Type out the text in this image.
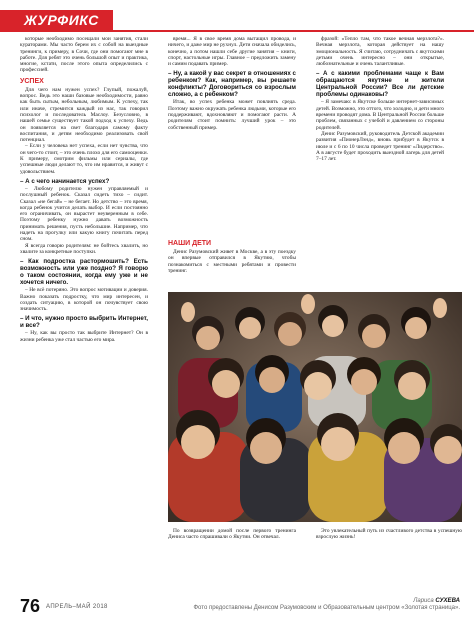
ЖУРФИКС

которые необходимо посещали мои занятия, стали кураторами. Мы часто берем их с собой на выездные тренинги, к примеру, в Сочи, где они помогают мне в работе. Для ребят это очень большой опыт и практика, многие, кстати, после этого опыта определились с профессией.

УСПЕХ

Для чего нам нужен успех? Глупый, пожалуй, вопрос. Ведь это наши базовые необходимости, равно как быть сытым, небольным, любимым. К успеху, так или иначе, стремится каждый из нас, так говорил психолог и последователь Маслоу. Безусловно, в нашей семье существует такой подход к успеху. Ведь он появляется на свет благодаря самому факту воспитания, и детям необходимо реализовать свой потенциал.

– Если у человека нет успеха, если нет чувства, что он чего-то стоит, – это очень плохо для его самооценки. К примеру, смотрим фильмы или сериалы, где успешные люди делают то, что им нравится, и живут с удовольствием.

– А с чего начинается успех?

– Любому родителю нужен управляемый и послушный ребенок. Сказал сидеть тихо – сидит. Сказал «не бегай» – не бегает. Но детство – это время, когда ребенок учится делать выбор. И если постоянно его ограничивать, он вырастет неуверенным в себе. Поэтому ребенку нужно давать возможность принимать решения, пусть небольшие. Например, что надеть на прогулку или какую книгу почитать перед сном.

Я всегда говорю родителям: не бойтесь хвалить, но хвалите за конкретные поступки.

– Как подростка растормошить? Есть возможность или уже поздно? Я говорю о таком состоянии, когда ему уже и не хочется ничего.

– Не всё потеряно. Это вопрос мотивации и доверия. Важно показать подростку, что мир интересен, и создать ситуацию, в которой он почувствует свою значимость.

– И что, нужно просто выбрить Интернет, и все?

– Ну, как вы просто так выбрите Интернет? Он в жизни ребенка уже стал частью его мира.

время... Я в свое время дома вытащил провода, и ничего, и даже мир не рухнул. Дети сначала обиделись, конечно, а потом нашли себе другие занятия – книги, спорт, настольные игры. Главное – предложить замену и самим подавать пример.

– Ну, а какой у вас секрет в отношениях с ребенком? Как, например, вы решаете конфликты? Договориться со взрослым сложно, а с ребенком?

Итак, во успех ребенка может повлиять среда. Поэтому важно окружать ребенка людьми, которые его поддерживают, вдохновляют и помогают расти. А родителям стоит помнить: лучший урок – это собственный пример.

НАШИ ДЕТИ

Денис Разумовский живет в Москве, а в эту поездку он впервые отправился в Якутию, чтобы познакомиться с местными ребятами и провести тренинг.

фразой: «Тепло там, что такое вечная мерзлота?». Вечная мерзлота, которая действует на нашу эмоциональность. Я считаю, сотрудничать с якутскими детьми очень интересно – они открытые, любознательные и очень талантливые.

– А с какими проблемами чаще к Вам обращаются якутяне и жители Центральной России? Все ли детские проблемы одинаковы?

– Я замечаю: в Якутске больше интернет-зависимых детей. Возможно, это оттого, что холодно, и дети много времени проводят дома. В Центральной России больше проблем, связанных с учебой и давлением со стороны родителей.

Денис Разумовский, руководитель Детской академии развития «ПионерЛэнд», вновь прибудет в Якутск в июле и с 6 по 10 числа проведет тренинг «Лидерство». А в августе будет проходить выездной лагерь для детей 7–17 лет.

По возвращении домой после первого тренинга Дениса часто спрашивали о Якутии. Он отвечал.

Это увлекательный путь из счастливого детства в успешную взрослую жизнь!

76 АПРЕЛЬ–МАЙ 2018
Лариса СУХЕВА
Фото предоставлены Денисом Разумовским и Образовательным центром «Золотая страница».
